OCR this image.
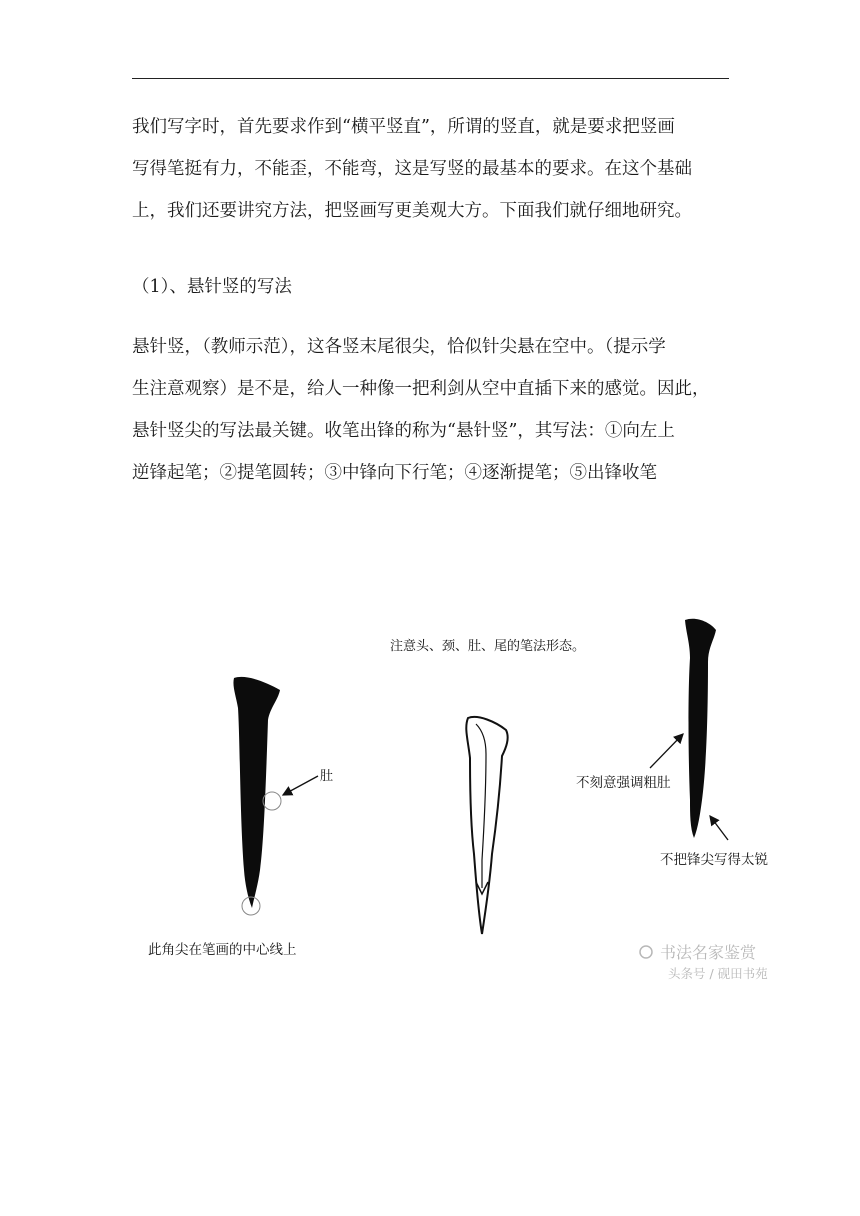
我们写字时，首先要求作到“横平竖直”，所谓的竖直，就是要求把竖画
写得笔挺有力，不能歪，不能弯，这是写竖的最基本的要求。在这个基础
上，我们还要讲究方法，把竖画写更美观大方。下面我们就仔细地研究。

（1）、悬针竖的写法

悬针竖，（教师示范），这各竖末尾很尖，恰似针尖悬在空中。（提示学
生注意观察）是不是，给人一种像一把利剑从空中直插下来的感觉。因此，
悬针竖尖的写法最关键。收笔出锋的称为“悬针竖”，其写法：①向左上
逆锋起笔；②提笔圆转；③中锋向下行笔；④逐渐提笔；⑤出锋收笔

肚
此角尖在笔画的中心线上
注意头、颈、肚、尾的笔法形态。
不刻意强调粗肚
不把锋尖写得太锐
书法名家鉴赏
头条号 / 砚田书苑
